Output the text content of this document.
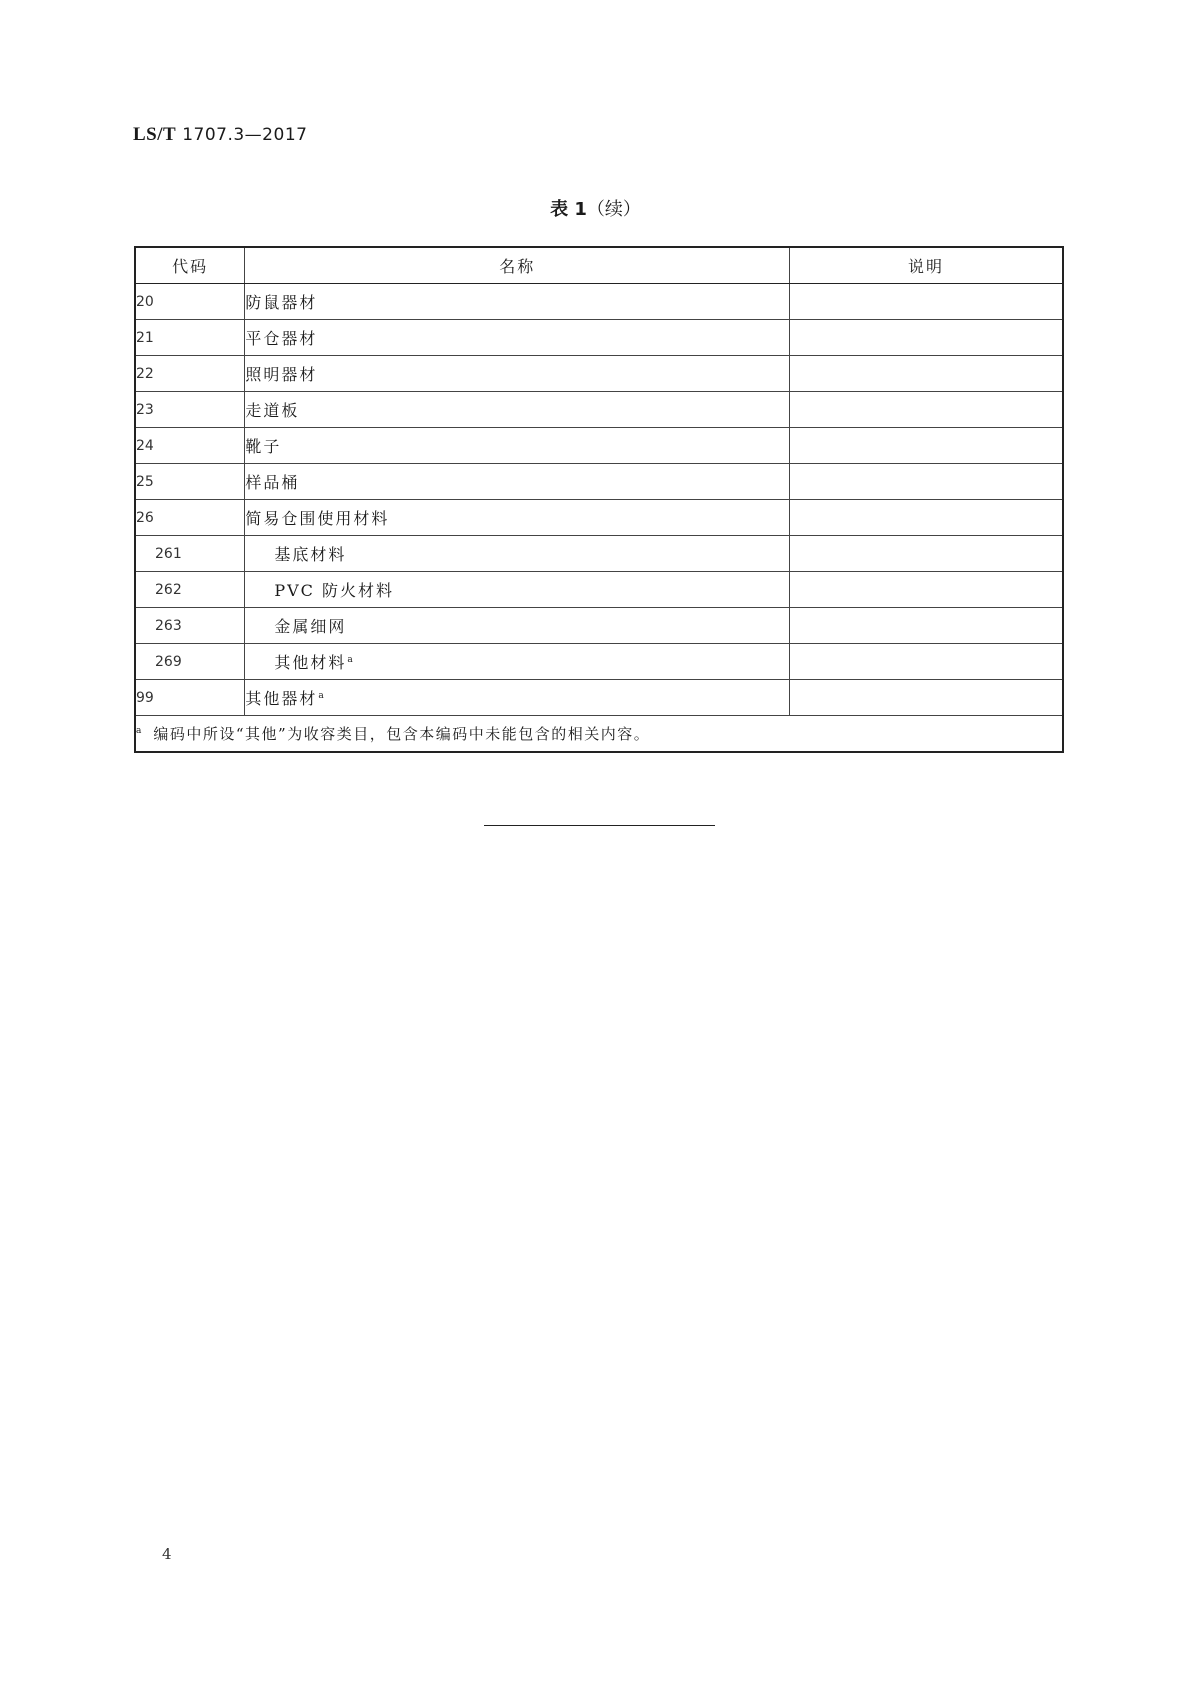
LS/T 1707.3—2017
表 1（续）
代码	名称	说明
20	防鼠器材	
21	平仓器材	
22	照明器材	
23	走道板	
24	靴子	
25	样品桶	
26	简易仓围使用材料	
261	基底材料	
262	PVC 防火材料	
263	金属细网	
269	其他材料$^a$	
99	其他器材$^a$	
$^a$ 编码中所设“其他”为收容类目，包含本编码中未能包含的相关内容。		
4
